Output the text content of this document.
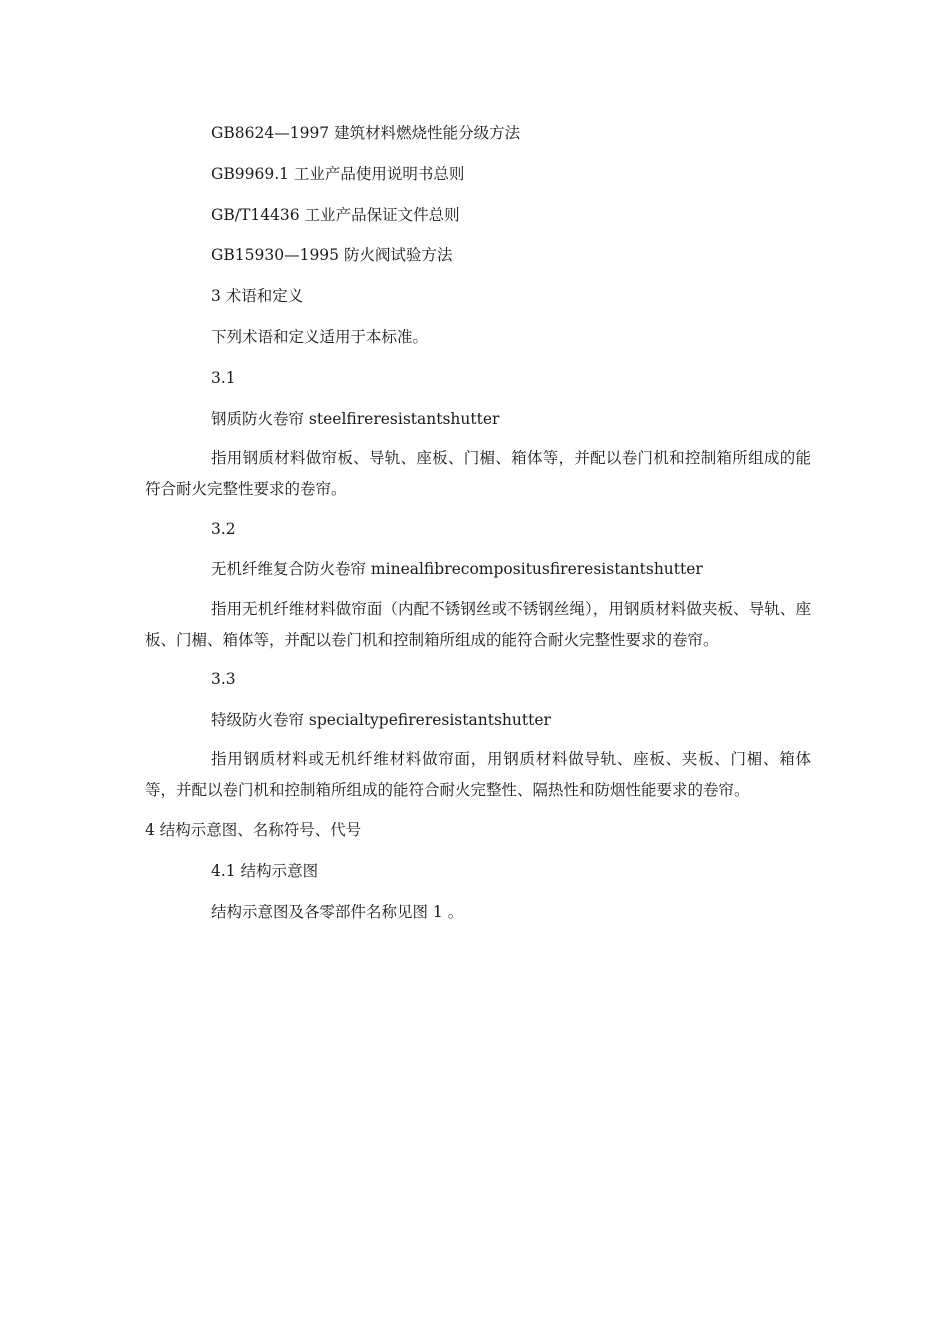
GB8624—1997 建筑材料燃烧性能分级方法
GB9969.1 工业产品使用说明书总则
GB/T14436 工业产品保证文件总则
GB15930—1995 防火阀试验方法
3 术语和定义
下列术语和定义适用于本标准。
3.1
钢质防火卷帘 steelfireresistantshutter
指用钢质材料做帘板、导轨、座板、门楣、箱体等，并配以卷门机和控制箱所组成的能符合耐火完整性要求的卷帘。
3.2
无机纤维复合防火卷帘 minealfibrecompositusfireresistantshutter
指用无机纤维材料做帘面（内配不锈钢丝或不锈钢丝绳），用钢质材料做夹板、导轨、座板、门楣、箱体等，并配以卷门机和控制箱所组成的能符合耐火完整性要求的卷帘。
3.3
特级防火卷帘 specialtypefireresistantshutter
指用钢质材料或无机纤维材料做帘面，用钢质材料做导轨、座板、夹板、门楣、箱体等，并配以卷门机和控制箱所组成的能符合耐火完整性、隔热性和防烟性能要求的卷帘。
4 结构示意图、名称符号、代号
4.1 结构示意图
结构示意图及各零部件名称见图 1 。
